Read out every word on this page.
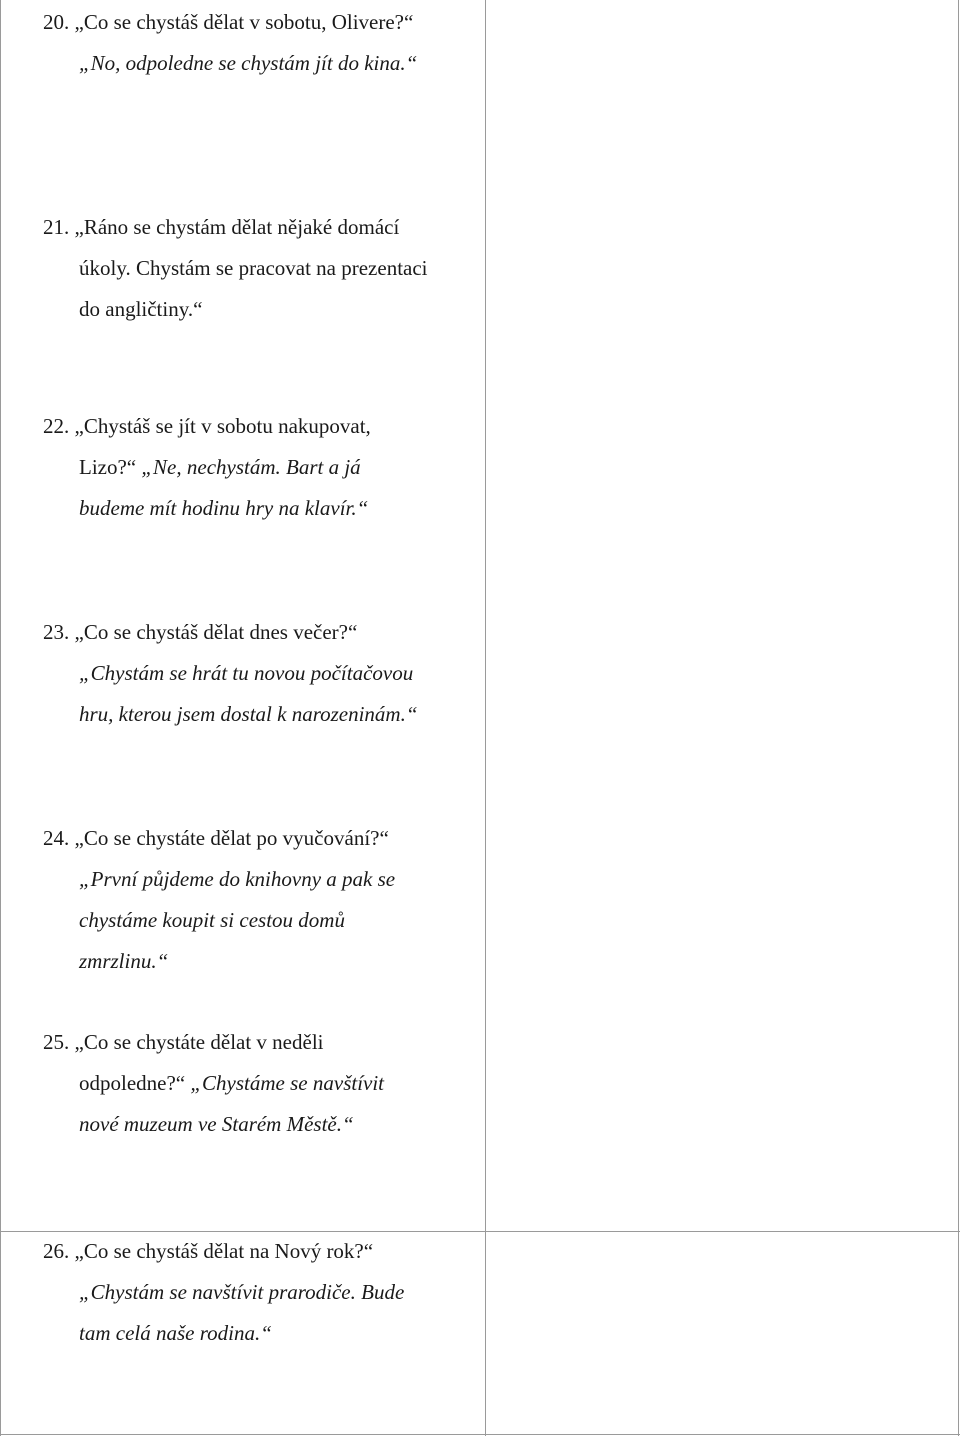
20. „Co se chystáš dělat v sobotu, Olivere?“
„No, odpoledne se chystám jít do kina.“
21. „Ráno se chystám dělat nějaké domácí
úkoly. Chystám se pracovat na prezentaci
do angličtiny.“
22. „Chystáš se jít v sobotu nakupovat,
Lizo?“ „Ne, nechystám. Bart a já
budeme mít hodinu hry na klavír.“
23. „Co se chystáš dělat dnes večer?“
„Chystám se hrát tu novou počítačovou
hru, kterou jsem dostal k narozeninám.“
24. „Co se chystáte dělat po vyučování?“
„První půjdeme do knihovny a pak se
chystáme koupit si cestou domů
zmrzlinu.“
25. „Co se chystáte dělat v neděli
odpoledne?“ „Chystáme se navštívit
nové muzeum ve Starém Městě.“
26. „Co se chystáš dělat na Nový rok?“
„Chystám se navštívit prarodiče. Bude
tam celá naše rodina.“
